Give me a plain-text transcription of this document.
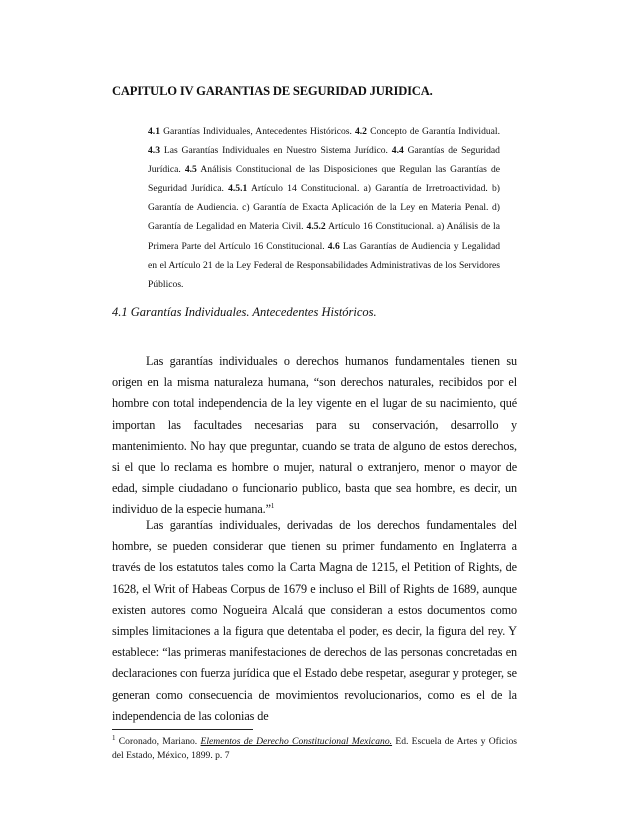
CAPITULO IV GARANTIAS DE SEGURIDAD JURIDICA.
4.1 Garantías Individuales, Antecedentes Históricos. 4.2 Concepto de Garantía Individual. 4.3 Las Garantías Individuales en Nuestro Sistema Jurídico. 4.4 Garantías de Seguridad Jurídica. 4.5 Análisis Constitucional de las Disposiciones que Regulan las Garantías de Seguridad Jurídica. 4.5.1 Artículo 14 Constitucional. a) Garantía de Irretroactividad. b) Garantía de Audiencia. c) Garantía de Exacta Aplicación de la Ley en Materia Penal. d) Garantía de Legalidad en Materia Civil. 4.5.2 Artículo 16 Constitucional. a) Análisis de la Primera Parte del Artículo 16 Constitucional. 4.6 Las Garantías de Audiencia y Legalidad en el Artículo 21 de la Ley Federal de Responsabilidades Administrativas de los Servidores Públicos.
4.1 Garantías Individuales. Antecedentes Históricos.
Las garantías individuales o derechos humanos fundamentales tienen su origen en la misma naturaleza humana, “son derechos naturales, recibidos por el hombre con total independencia de la ley vigente en el lugar de su nacimiento, qué importan las facultades necesarias para su conservación, desarrollo y mantenimiento. No hay que preguntar, cuando se trata de alguno de estos derechos, si el que lo reclama es hombre o mujer, natural o extranjero, menor o mayor de edad, simple ciudadano o funcionario publico, basta que sea hombre, es decir, un individuo de la especie humana.”$^1$
Las garantías individuales, derivadas de los derechos fundamentales del hombre, se pueden considerar que tienen su primer fundamento en Inglaterra a través de los estatutos tales como la Carta Magna de 1215, el Petition of Rights, de 1628, el Writ of Habeas Corpus de 1679 e incluso el Bill of Rights de 1689, aunque existen autores como Nogueira Alcalá que consideran a estos documentos como simples limitaciones a la figura que detentaba el poder, es decir, la figura del rey. Y establece: “las primeras manifestaciones de derechos de las personas concretadas en declaraciones con fuerza jurídica que el Estado debe respetar, asegurar y proteger, se generan como consecuencia de movimientos revolucionarios, como es el de la independencia de las colonias de
$^1$ Coronado, Mariano. Elementos de Derecho Constitucional Mexicano. Ed. Escuela de Artes y Oficios del Estado, México, 1899. p. 7
